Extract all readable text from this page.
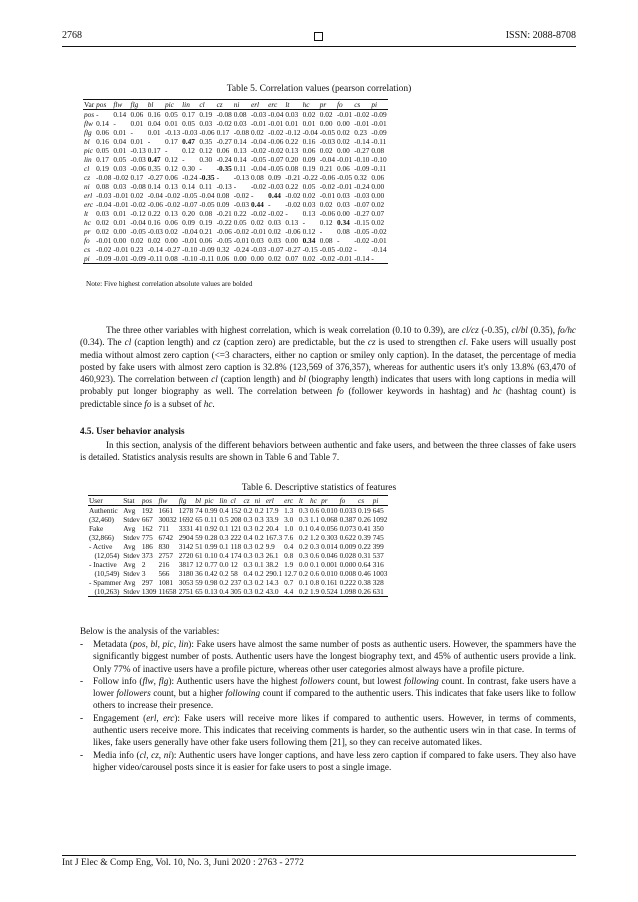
2768	ISSN: 2088-8708
Table 5. Correlation values (pearson correlation)
Var	pos	flw	flg	bl	pic	lin	cl	cz	ni	erl	erc	lt	hc	pr	fo	cs	pi
pos	-	0.14	0.06	0.16	0.05	0.17	0.19	-0.08	0.08	-0.03	-0.04	0.03	0.02	0.02	-0.01	-0.02	-0.09
flw	0.14	-	0.01	0.04	0.01	0.05	0.03	-0.02	0.03	-0.01	-0.01	0.01	0.01	0.00	0.00	-0.01	-0.01
flg	0.06	0.01	-	0.01	-0.13	-0.03	-0.06	0.17	-0.08	0.02	-0.02	-0.12	-0.04	-0.05	0.02	0.23	-0.09
bl	0.16	0.04	0.01	-	0.17	0.47	0.35	-0.27	0.14	-0.04	-0.06	0.22	0.16	-0.03	0.02	-0.14	-0.11
pic	0.05	0.01	-0.13	0.17	-	0.12	0.12	0.06	0.13	-0.02	-0.02	0.13	0.06	0.02	0.00	-0.27	0.08
lin	0.17	0.05	-0.03	0.47	0.12	-	0.30	-0.24	0.14	-0.05	-0.07	0.20	0.09	-0.04	-0.01	-0.10	-0.10
cl	0.19	0.03	-0.06	0.35	0.12	0.30	-	-0.35	0.11	-0.04	-0.05	0.08	0.19	0.21	0.06	-0.09	-0.11
cz	-0.08	-0.02	0.17	-0.27	0.06	-0.24	-0.35	-	-0.13	0.08	0.09	-0.21	-0.22	-0.06	-0.05	0.32	0.06
ni	0.08	0.03	-0.08	0.14	0.13	0.14	0.11	-0.13	-	-0.02	-0.03	0.22	0.05	-0.02	-0.01	-0.24	0.00
erl	-0.03	-0.01	0.02	-0.04	-0.02	-0.05	-0.04	0.08	-0.02	-	0.44	-0.02	0.02	-0.01	0.03	-0.03	0.00
erc	-0.04	-0.01	-0.02	-0.06	-0.02	-0.07	-0.05	0.09	-0.03	0.44	-	-0.02	0.03	0.02	0.03	-0.07	0.02
lt	0.03	0.01	-0.12	0.22	0.13	0.20	0.08	-0.21	0.22	-0.02	-0.02	-	0.13	-0.06	0.00	-0.27	0.07
hc	0.02	0.01	-0.04	0.16	0.06	0.09	0.19	-0.22	0.05	0.02	0.03	0.13	-	0.12	0.34	-0.15	0.02
pr	0.02	0.00	-0.05	-0.03	0.02	-0.04	0.21	-0.06	-0.02	-0.01	0.02	-0.06	0.12	-	0.08	-0.05	-0.02
fo	-0.01	0.00	0.02	0.02	0.00	-0.01	0.06	-0.05	-0.01	0.03	0.03	0.00	0.34	0.08	-	-0.02	-0.01
cs	-0.02	-0.01	0.23	-0.14	-0.27	-0.10	-0.09	0.32	-0.24	-0.03	-0.07	-0.27	-0.15	-0.05	-0.02	-	-0.14
pi	-0.09	-0.01	-0.09	-0.11	0.08	-0.10	-0.11	0.06	0.00	0.00	0.02	0.07	0.02	-0.02	-0.01	-0.14	-
Note: Five highest correlation absolute values are bolded
The three other variables with highest correlation, which is weak correlation (0.10 to 0.39), are cl/cz (-0.35), cl/bl (0.35), fo/hc (0.34). The cl (caption length) and cz (caption zero) are predictable, but the cz is used to strengthen cl. Fake users will usually post media without almost zero caption (<=3 characters, either no caption or smiley only caption). In the dataset, the percentage of media posted by fake users with almost zero caption is 32.8% (123,569 of 376,357), whereas for authentic users it's only 13.8% (63,470 of 460,923). The correlation between cl (caption length) and bl (biography length) indicates that users with long captions in media will probably put longer biography as well. The correlation between fo (follower keywords in hashtag) and hc (hashtag count) is predictable since fo is a subset of hc.
4.5. User behavior analysis
In this section, analysis of the different behaviors between authentic and fake users, and between the three classes of fake users is detailed. Statistics analysis results are shown in Table 6 and Table 7.
Table 6. Descriptive statistics of features
User	Stat	pos	flw	flg	bl	pic	lin	cl	cz	ni	erl	erc	lt	hc	pr	fo	cs	pi
Authentic	Avg	192	1661	1278	74	0.99	0.4	152	0.2	0.2	17.9	1.3	0.3	0.6	0.010	0.033	0.19	645
(32,460)	Stdev	667	30032	1692	65	0.11	0.5	208	0.3	0.3	33.9	3.0	0.3	1.1	0.068	0.387	0.26	1092
Fake	Avg	162	711	3331	41	0.92	0.1	121	0.3	0.2	20.4	1.0	0.1	0.4	0.056	0.073	0.41	350
(32,866)	Stdev	775	6742	2904	59	0.28	0.3	222	0.4	0.2	167.3	7.6	0.2	1.2	0.303	0.622	0.39	745
- Active	Avg	186	830	3142	51	0.99	0.1	118	0.3	0.2	9.9	0.4	0.2	0.3	0.014	0.009	0.22	399
(12,054)	Stdev	373	2757	2720	61	0.10	0.4	174	0.3	0.3	26.1	0.8	0.3	0.6	0.046	0.028	0.31	537
- Inactive	Avg	2	216	3817	12	0.77	0.0	12	0.3	0.1	38.2	1.9	0.0	0.1	0.001	0.000	0.64	316
(10,549)	Stdev	3	566	3180	36	0.42	0.2	58	0.4	0.2	290.1	12.7	0.2	0.6	0.010	0.008	0.46	1003
- Spammer	Avg	297	1081	3053	59	0.98	0.2	237	0.3	0.2	14.3	0.7	0.1	0.8	0.161	0.222	0.38	328
(10,263)	Stdev	1309	11658	2751	65	0.13	0.4	305	0.3	0.2	43.0	4.4	0.2	1.9	0.524	1.098	0.26	631
Below is the analysis of the variables:
- Metadata (pos, bl, pic, lin): Fake users have almost the same number of posts as authentic users. However, the spammers have the significantly biggest number of posts. Authentic users have the longest biography text, and 45% of authentic users provide a link. Only 77% of inactive users have a profile picture, whereas other user categories almost always have a profile picture.
- Follow info (flw, flg): Authentic users have the highest followers count, but lowest following count. In contrast, fake users have a lower followers count, but a higher following count if compared to the authentic users. This indicates that fake users like to follow others to increase their presence.
- Engagement (erl, erc): Fake users will receive more likes if compared to authentic users. However, in terms of comments, authentic users receive more. This indicates that receiving comments is harder, so the authentic users win in that case. In terms of likes, fake users generally have other fake users following them [21], so they can receive automated likes.
- Media info (cl, cz, ni): Authentic users have longer captions, and have less zero caption if compared to fake users. They also have higher video/carousel posts since it is easier for fake users to post a single image.
Int J Elec & Comp Eng, Vol. 10, No. 3, Juni 2020 : 2763 - 2772
